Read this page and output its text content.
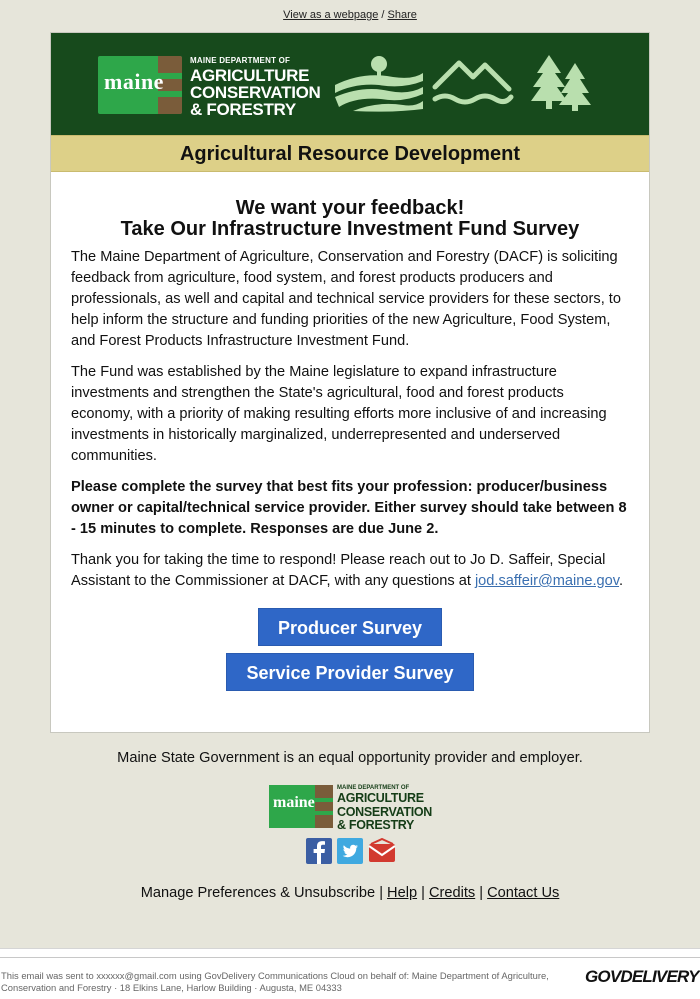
View as a webpage / Share
maine
MAINE DEPARTMENT OF
AGRICULTURE
CONSERVATION
& FORESTRY
Agricultural Resource Development
We want your feedback!
Take Our Infrastructure Investment Fund Survey

The Maine Department of Agriculture, Conservation and Forestry (DACF) is soliciting feedback from agriculture, food system, and forest products producers and professionals, as well and capital and technical service providers for these sectors, to help inform the structure and funding priorities of the new Agriculture, Food System, and Forest Products Infrastructure Investment Fund.

The Fund was established by the Maine legislature to expand infrastructure investments and strengthen the State's agricultural, food and forest products economy, with a priority of making resulting efforts more inclusive of and increasing investments in historically marginalized, underrepresented and underserved communities.

Please complete the survey that best fits your profession: producer/business owner or capital/technical service provider. Either survey should take between 8 - 15 minutes to complete. Responses are due June 2.

Thank you for taking the time to respond! Please reach out to Jo D. Saffeir, Special Assistant to the Commissioner at DACF, with any questions at jod.saffeir@maine.gov.

Producer Survey
Service Provider Survey
Maine State Government is an equal opportunity provider and employer.
maine
MAINE DEPARTMENT OF
AGRICULTURE
CONSERVATION
& FORESTRY
Manage Preferences & Unsubscribe | Help | Credits | Contact Us
This email was sent to xxxxxx@gmail.com using GovDelivery Communications Cloud on behalf of: Maine Department of Agriculture, Conservation and Forestry · 18 Elkins Lane, Harlow Building · Augusta, ME 04333
GOVDELIVERY
